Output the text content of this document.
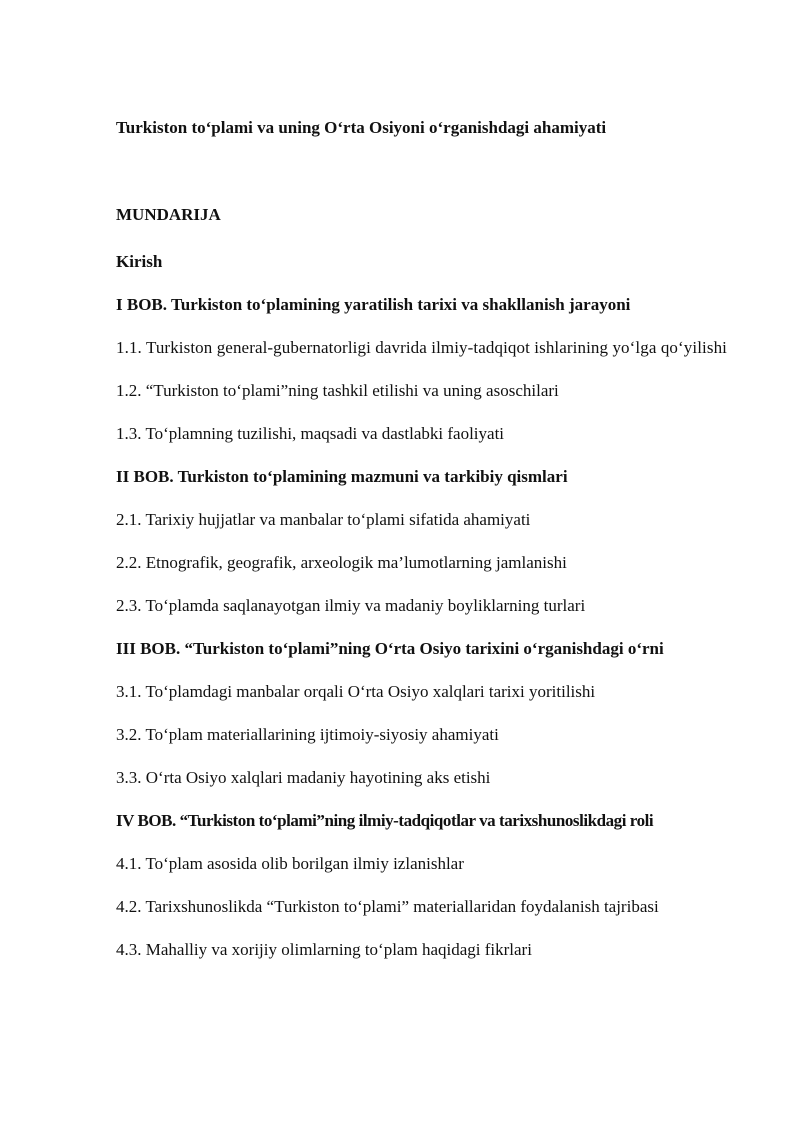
Turkiston to‘plami va uning O‘rta Osiyoni o‘rganishdagi ahamiyati
MUNDARIJA
Kirish
I BOB. Turkiston to‘plamining yaratilish tarixi va shakllanish jarayoni
1.1. Turkiston general-gubernatorligi davrida ilmiy-tadqiqot ishlarining yo‘lga qo‘yilishi
1.2. “Turkiston to‘plami”ning tashkil etilishi va uning asoschilari
1.3. To‘plamning tuzilishi, maqsadi va dastlabki faoliyati
II BOB. Turkiston to‘plamining mazmuni va tarkibiy qismlari
2.1. Tarixiy hujjatlar va manbalar to‘plami sifatida ahamiyati
2.2. Etnografik, geografik, arxeologik ma’lumotlarning jamlanishi
2.3. To‘plamda saqlanayotgan ilmiy va madaniy boyliklarning turlari
III BOB. “Turkiston to‘plami”ning O‘rta Osiyo tarixini o‘rganishdagi o‘rni
3.1. To‘plamdagi manbalar orqali O‘rta Osiyo xalqlari tarixi yoritilishi
3.2. To‘plam materiallarining ijtimoiy-siyosiy ahamiyati
3.3. O‘rta Osiyo xalqlari madaniy hayotining aks etishi
IV BOB. “Turkiston to‘plami”ning ilmiy-tadqiqotlar va tarixshunoslikdagi roli
4.1. To‘plam asosida olib borilgan ilmiy izlanishlar
4.2. Tarixshunoslikda “Turkiston to‘plami” materiallaridan foydalanish tajribasi
4.3. Mahalliy va xorijiy olimlarning to‘plam haqidagi fikrlari
